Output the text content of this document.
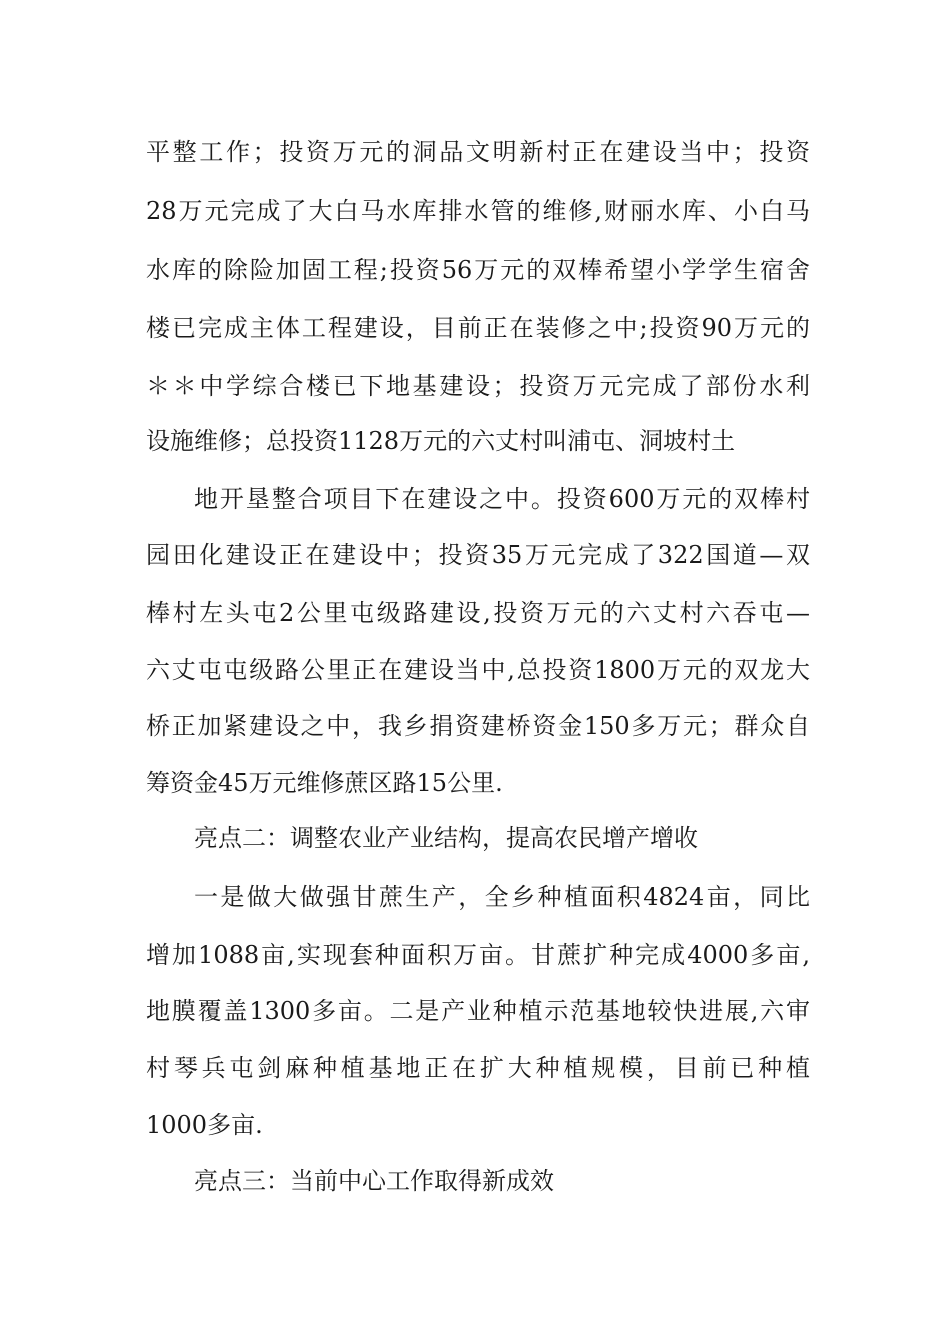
平整工作；投资万元的洞品文明新村正在建设当中；投资
28万元完成了大白马水库排水管的维修,财丽水库、小白马
水库的除险加固工程;投资56万元的双棒希望小学学生宿舍
楼已完成主体工程建设，目前正在装修之中;投资90万元的
＊＊中学综合楼已下地基建设；投资万元完成了部份水利
设施维修；总投资1128万元的六丈村叫浦屯、洞坡村土
地开垦整合项目下在建设之中。投资600万元的双棒村
园田化建设正在建设中；投资35万元完成了322国道—双
棒村左头屯2公里屯级路建设,投资万元的六丈村六吞屯—
六丈屯屯级路公里正在建设当中,总投资1800万元的双龙大
桥正加紧建设之中，我乡捐资建桥资金150多万元；群众自
筹资金45万元维修蔗区路15公里.
亮点二：调整农业产业结构，提高农民增产增收
一是做大做强甘蔗生产，全乡种植面积4824亩，同比
增加1088亩,实现套种面积万亩。甘蔗扩种完成4000多亩,
地膜覆盖1300多亩。二是产业种植示范基地较快进展,六审
村琴兵屯剑麻种植基地正在扩大种植规模，目前已种植
1000多亩.
亮点三：当前中心工作取得新成效
